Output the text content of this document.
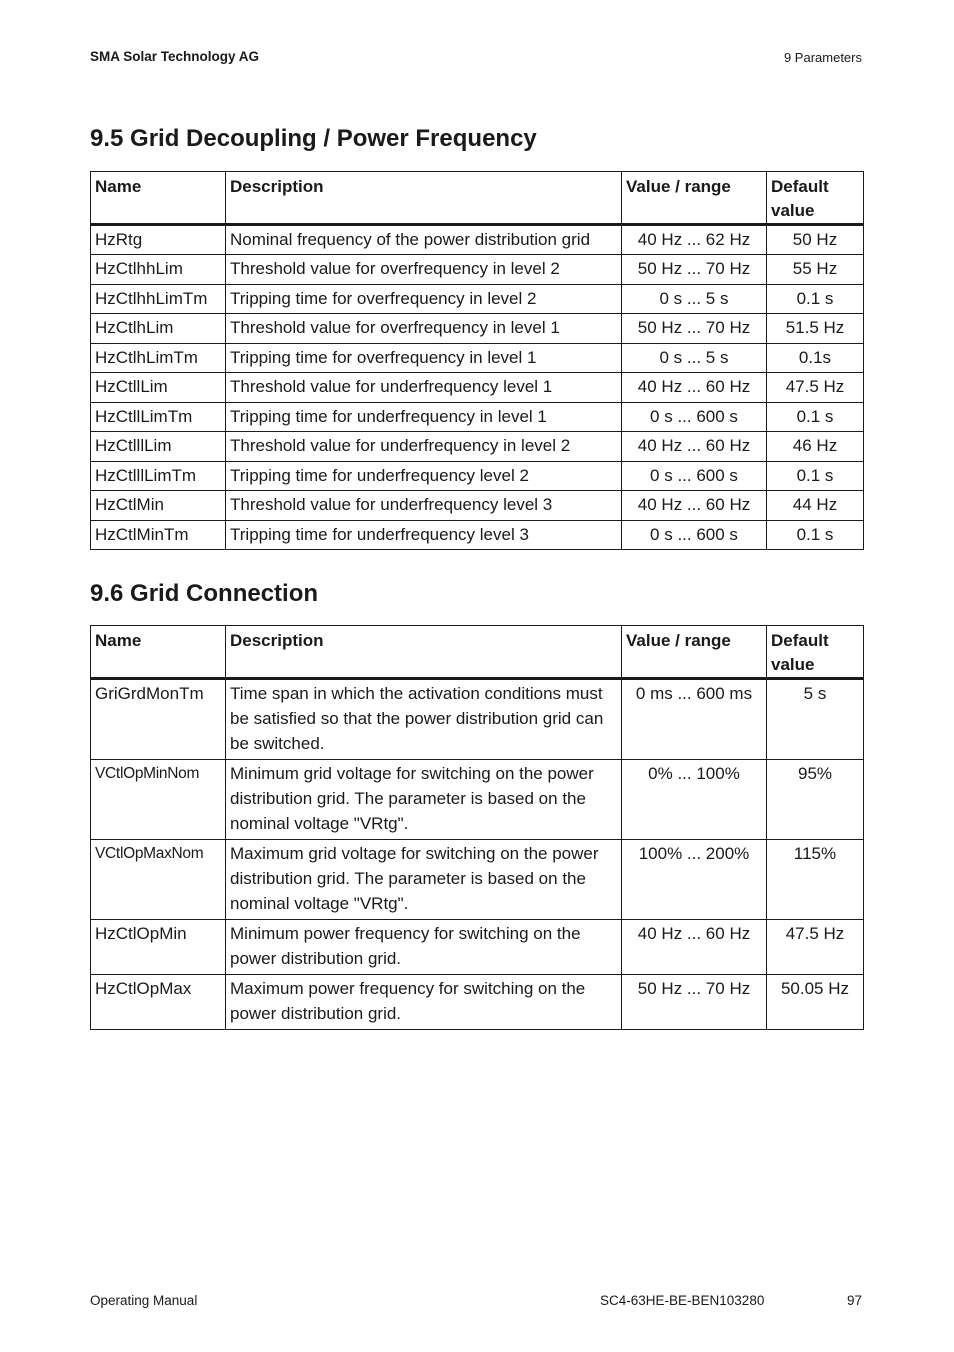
SMA Solar Technology AG	9 Parameters
9.5 Grid Decoupling / Power Frequency
Name	Description	Value / range	Default value
HzRtg	Nominal frequency of the power distribution grid	40 Hz ... 62 Hz	50 Hz
HzCtlhhLim	Threshold value for overfrequency in level 2	50 Hz ... 70 Hz	55 Hz
HzCtlhhLimTm	Tripping time for overfrequency in level 2	0 s ... 5 s	0.1 s
HzCtlhLim	Threshold value for overfrequency in level 1	50 Hz ... 70 Hz	51.5 Hz
HzCtlhLimTm	Tripping time for overfrequency in level 1	0 s ... 5 s	0.1s
HzCtllLim	Threshold value for underfrequency level 1	40 Hz ... 60 Hz	47.5 Hz
HzCtllLimTm	Tripping time for underfrequency in level 1	0 s ... 600 s	0.1 s
HzCtlllLim	Threshold value for underfrequency in level 2	40 Hz ... 60 Hz	46 Hz
HzCtlllLimTm	Tripping time for underfrequency level 2	0 s ... 600 s	0.1 s
HzCtlMin	Threshold value for underfrequency level 3	40 Hz ... 60 Hz	44 Hz
HzCtlMinTm	Tripping time for underfrequency level 3	0 s ... 600 s	0.1 s
9.6 Grid Connection
Name	Description	Value / range	Default value
GriGrdMonTm	Time span in which the activation conditions must be satisfied so that the power distribution grid can be switched.	0 ms ... 600 ms	5 s
VCtlOpMinNom	Minimum grid voltage for switching on the power distribution grid. The parameter is based on the nominal voltage "VRtg".	0% ... 100%	95%
VCtlOpMaxNom	Maximum grid voltage for switching on the power distribution grid. The parameter is based on the nominal voltage "VRtg".	100% ... 200%	115%
HzCtlOpMin	Minimum power frequency for switching on the power distribution grid.	40 Hz ... 60 Hz	47.5 Hz
HzCtlOpMax	Maximum power frequency for switching on the power distribution grid.	50 Hz ... 70 Hz	50.05 Hz
Operating Manual	SC4-63HE-BE-BEN103280	97
